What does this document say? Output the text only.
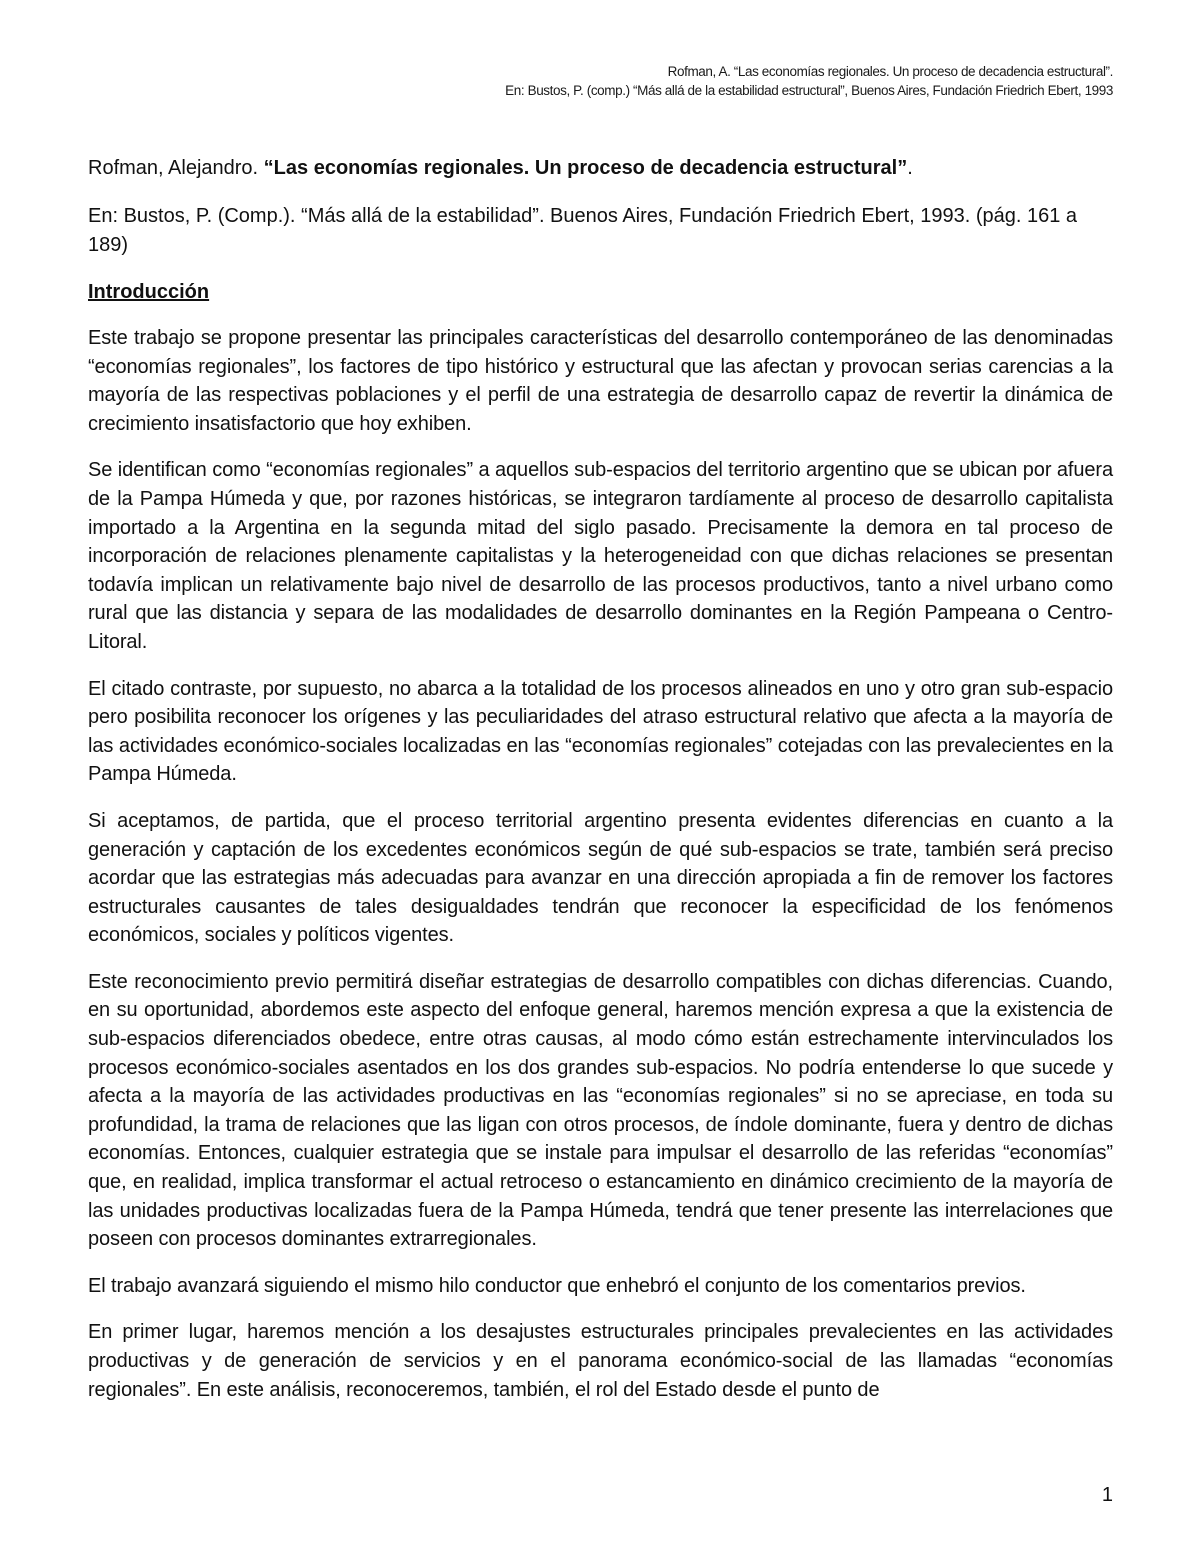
Rofman, A. “Las economías regionales. Un proceso de decadencia estructural”.
En: Bustos, P. (comp.) “Más allá de la estabilidad estructural”, Buenos Aires, Fundación Friedrich Ebert, 1993

Rofman, Alejandro. “Las economías regionales. Un proceso de decadencia estructural”.

En: Bustos, P. (Comp.). “Más allá de la estabilidad”. Buenos Aires, Fundación Friedrich Ebert, 1993. (pág. 161 a 189)

Introducción

Este trabajo se propone presentar las principales características del desarrollo contemporáneo de las denominadas “economías regionales”, los factores de tipo histórico y estructural que las afectan y provocan serias carencias a la mayoría de las respectivas poblaciones y el perfil de una estrategia de desarrollo capaz de revertir la dinámica de crecimiento insatisfactorio que hoy exhiben.

Se identifican como “economías regionales” a aquellos sub-espacios del territorio argentino que se ubican por afuera de la Pampa Húmeda y que, por razones históricas, se integraron tardíamente al proceso de desarrollo capitalista importado a la Argentina en la segunda mitad del siglo pasado. Precisamente la demora en tal proceso de incorporación de relaciones plenamente capitalistas y la heterogeneidad con que dichas relaciones se presentan todavía implican un relativamente bajo nivel de desarrollo de las procesos productivos, tanto a nivel urbano como rural que las distancia y separa de las modalidades de desarrollo dominantes en la Región Pampeana o Centro-Litoral.

El citado contraste, por supuesto, no abarca a la totalidad de los procesos alineados en uno y otro gran sub-espacio pero posibilita reconocer los orígenes y las peculiaridades del atraso estructural relativo que afecta a la mayoría de las actividades económico-sociales localizadas en las “economías regionales” cotejadas con las prevalecientes en la Pampa Húmeda.

Si aceptamos, de partida, que el proceso territorial argentino presenta evidentes diferencias en cuanto a la generación y captación de los excedentes económicos según de qué sub-espacios se trate, también será preciso acordar que las estrategias más adecuadas para avanzar en una dirección apropiada a fin de remover los factores estructurales causantes de tales desigualdades tendrán que reconocer la especificidad de los fenómenos económicos, sociales y políticos vigentes.

Este reconocimiento previo permitirá diseñar estrategias de desarrollo compatibles con dichas diferencias. Cuando, en su oportunidad, abordemos este aspecto del enfoque general, haremos mención expresa a que la existencia de sub-espacios diferenciados obedece, entre otras causas, al modo cómo están estrechamente intervinculados los procesos económico-sociales asentados en los dos grandes sub-espacios. No podría entenderse lo que sucede y afecta a la mayoría de las actividades productivas en las “economías regionales” si no se apreciase, en toda su profundidad, la trama de relaciones que las ligan con otros procesos, de índole dominante, fuera y dentro de dichas economías. Entonces, cualquier estrategia que se instale para impulsar el desarrollo de las referidas “economías” que, en realidad, implica transformar el actual retroceso o estancamiento en dinámico crecimiento de la mayoría de las unidades productivas localizadas fuera de la Pampa Húmeda, tendrá que tener presente las interrelaciones que poseen con procesos dominantes extrarregionales.

El trabajo avanzará siguiendo el mismo hilo conductor que enhebró el conjunto de los comentarios previos.

En primer lugar, haremos mención a los desajustes estructurales principales prevalecientes en las actividades productivas y de generación de servicios y en el panorama económico-social de las llamadas “economías regionales”. En este análisis, reconoceremos, también, el rol del Estado desde el punto de

1
